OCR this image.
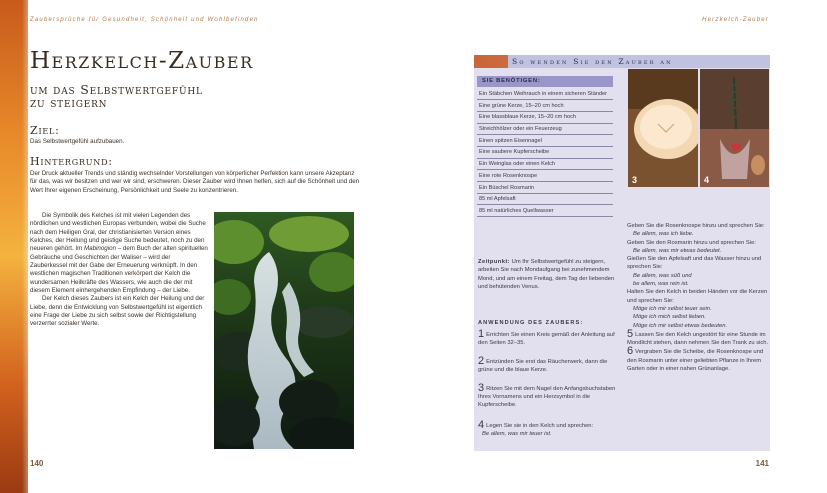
Zaubersprüche für Gesundheit, Schönheit und Wohlbefinden	Herzkelch-Zauber
Herzkelch-Zauber
um das Selbstwertgefühl
zu steigern
Ziel:
Das Selbstwertgefühl aufzubauen.
Hintergrund:
Der Druck aktueller Trends und ständig wechselnder Vorstellungen von körperlicher Perfektion kann unsere Akzeptanz für das, was wir besitzen und wer wir sind, erschweren. Dieser Zauber wird Ihnen helfen, sich auf die Schönheit und den Wert Ihrer eigenen Erscheinung, Persönlichkeit und Seele zu konzentrieren.
Die Symbolik des Kelches ist mit vielen Legenden des nördlichen und westlichen Europas verbunden, wobei die Suche nach dem Heiligen Gral, der christianisierten Version eines Kelches, der Heilung und geistige Suche bedeutet, noch zu den neueren gehört. Im Mabinogion – dem Buch der alten spirituellen Gebräuche und Geschichten der Waliser – wird der Zauberkessel mit der Gabe der Erneuerung verknüpft. In den westlichen magischen Traditionen verkörpert der Kelch die wundersamen Heilkräfte des Wassers, wie auch die der mit diesem Element einhergehenden Empfindung – der Liebe.
Der Kelch dieses Zaubers ist ein Kelch der Heilung und der Liebe, denn die Entwicklung von Selbstwertgefühl ist eigentlich eine Frage der Liebe zu sich selbst sowie der Richtigstellung verzerrter sozialer Werte.
140
So wenden Sie den Zauber an
SIE BENÖTIGEN:
Ein Stäbchen Weihrauch in einem sicheren Ständer
Eine grüne Kerze, 15–20 cm hoch
Eine blassblaue Kerze, 15–20 cm hoch
Streichhölzer oder ein Feuerzeug
Einen spitzen Eisennagel
Eine saubere Kupferscheibe
Ein Weinglas oder einen Kelch
Eine rote Rosenknospe
Ein Büschel Rosmarin
85 ml Apfelsaft
85 ml natürliches Quellwasser
3	4
Zeitpunkt: Um Ihr Selbstwertgefühl zu steigern, arbeiten Sie nach Mondaufgang bei zunehmendem Mond, und am einem Freitag, dem Tag der liebenden und behütenden Venus.
ANWENDUNG DES ZAUBERS:
1 Errichten Sie einen Kreis gemäß der Anleitung auf den Seiten 32–35.
2 Entzünden Sie erst das Räucherwerk, dann die grüne und die blaue Kerze.
3 Ritzen Sie mit dem Nagel den Anfangsbuchstaben Ihres Vornamens und ein Herzsymbol in die Kupferscheibe.
4 Legen Sie sie in den Kelch und sprechen:
Be allem, was mir teuer ist.

Geben Sie die Rosenknospe hinzu und sprechen Sie:

Be allem, was ich liebe.

Geben Sie den Rosmarin hinzu und sprechen Sie:

Be allem, was mir etwas bedeutet.

Gießen Sie den Apfelsaft und das Wasser hinzu und sprechen Sie:

Be allem, was süß und
be allem, was rein ist.

Halten Sie den Kelch in beiden Händen vor die Kerzen und sprechen Sie:

Möge ich mir selbst teuer sein.
Möge ich mich selbst lieben.
Möge ich mir selbst etwas bedeuten.

5 Lassen Sie den Kelch ungestört für eine Stunde im Mondlicht stehen, dann nehmen Sie den Trank zu sich.

6 Vergraben Sie die Scheibe, die Rosenknospe und den Rosmarin unter einer geliebten Pflanze in Ihrem Garten oder in einer nahen Grünanlage.

141
